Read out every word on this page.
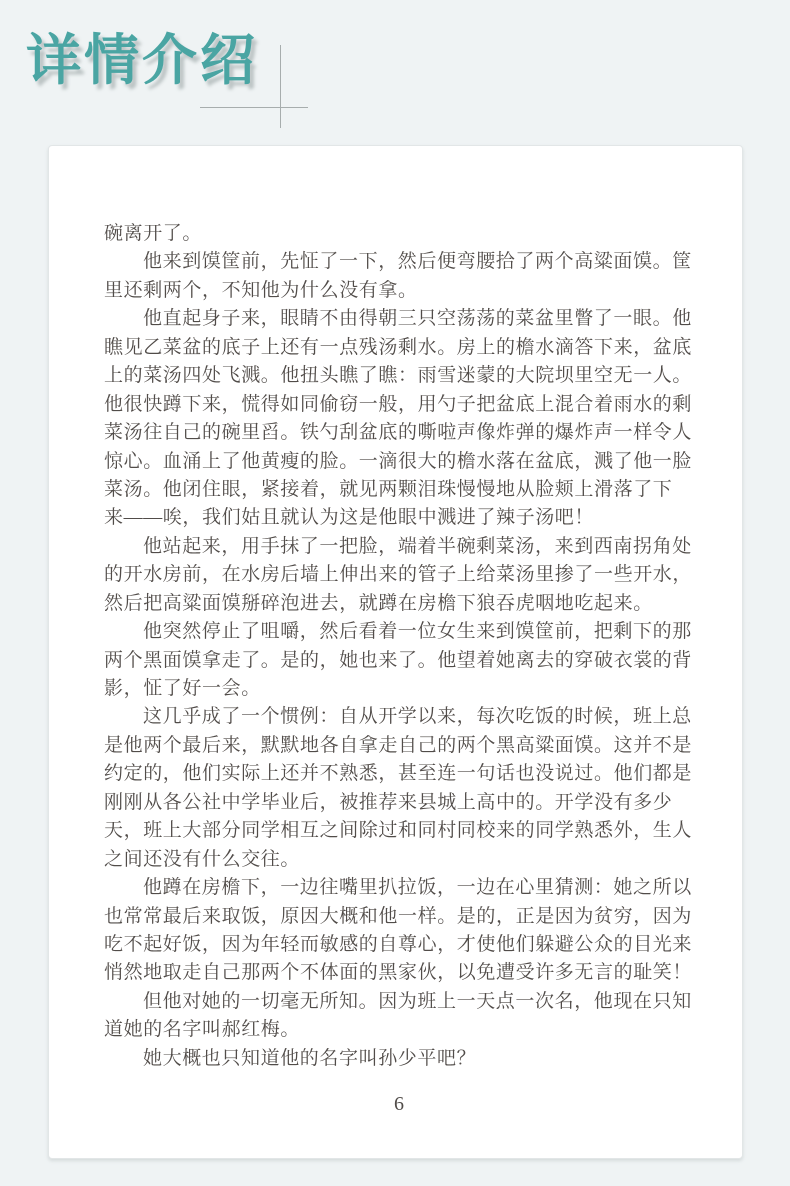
详情介绍
碗离开了。
他来到馍筐前，先怔了一下，然后便弯腰拾了两个高粱面馍。筐
里还剩两个，不知他为什么没有拿。
他直起身子来，眼睛不由得朝三只空荡荡的菜盆里瞥了一眼。他
瞧见乙菜盆的底子上还有一点残汤剩水。房上的檐水滴答下来，盆底
上的菜汤四处飞溅。他扭头瞧了瞧：雨雪迷蒙的大院坝里空无一人。
他很快蹲下来，慌得如同偷窃一般，用勺子把盆底上混合着雨水的剩
菜汤往自己的碗里舀。铁勺刮盆底的嘶啦声像炸弹的爆炸声一样令人
惊心。血涌上了他黄瘦的脸。一滴很大的檐水落在盆底，溅了他一脸
菜汤。他闭住眼，紧接着，就见两颗泪珠慢慢地从脸颊上滑落了下
来——唉，我们姑且就认为这是他眼中溅进了辣子汤吧！
他站起来，用手抹了一把脸，端着半碗剩菜汤，来到西南拐角处
的开水房前，在水房后墙上伸出来的管子上给菜汤里掺了一些开水，
然后把高粱面馍掰碎泡进去，就蹲在房檐下狼吞虎咽地吃起来。
他突然停止了咀嚼，然后看着一位女生来到馍筐前，把剩下的那
两个黑面馍拿走了。是的，她也来了。他望着她离去的穿破衣裳的背
影，怔了好一会。
这几乎成了一个惯例：自从开学以来，每次吃饭的时候，班上总
是他两个最后来，默默地各自拿走自己的两个黑高粱面馍。这并不是
约定的，他们实际上还并不熟悉，甚至连一句话也没说过。他们都是
刚刚从各公社中学毕业后，被推荐来县城上高中的。开学没有多少
天，班上大部分同学相互之间除过和同村同校来的同学熟悉外，生人
之间还没有什么交往。
他蹲在房檐下，一边往嘴里扒拉饭，一边在心里猜测：她之所以
也常常最后来取饭，原因大概和他一样。是的，正是因为贫穷，因为
吃不起好饭，因为年轻而敏感的自尊心，才使他们躲避公众的目光来
悄然地取走自己那两个不体面的黑家伙，以免遭受许多无言的耻笑！
但他对她的一切毫无所知。因为班上一天点一次名，他现在只知
道她的名字叫郝红梅。
她大概也只知道他的名字叫孙少平吧？
6
